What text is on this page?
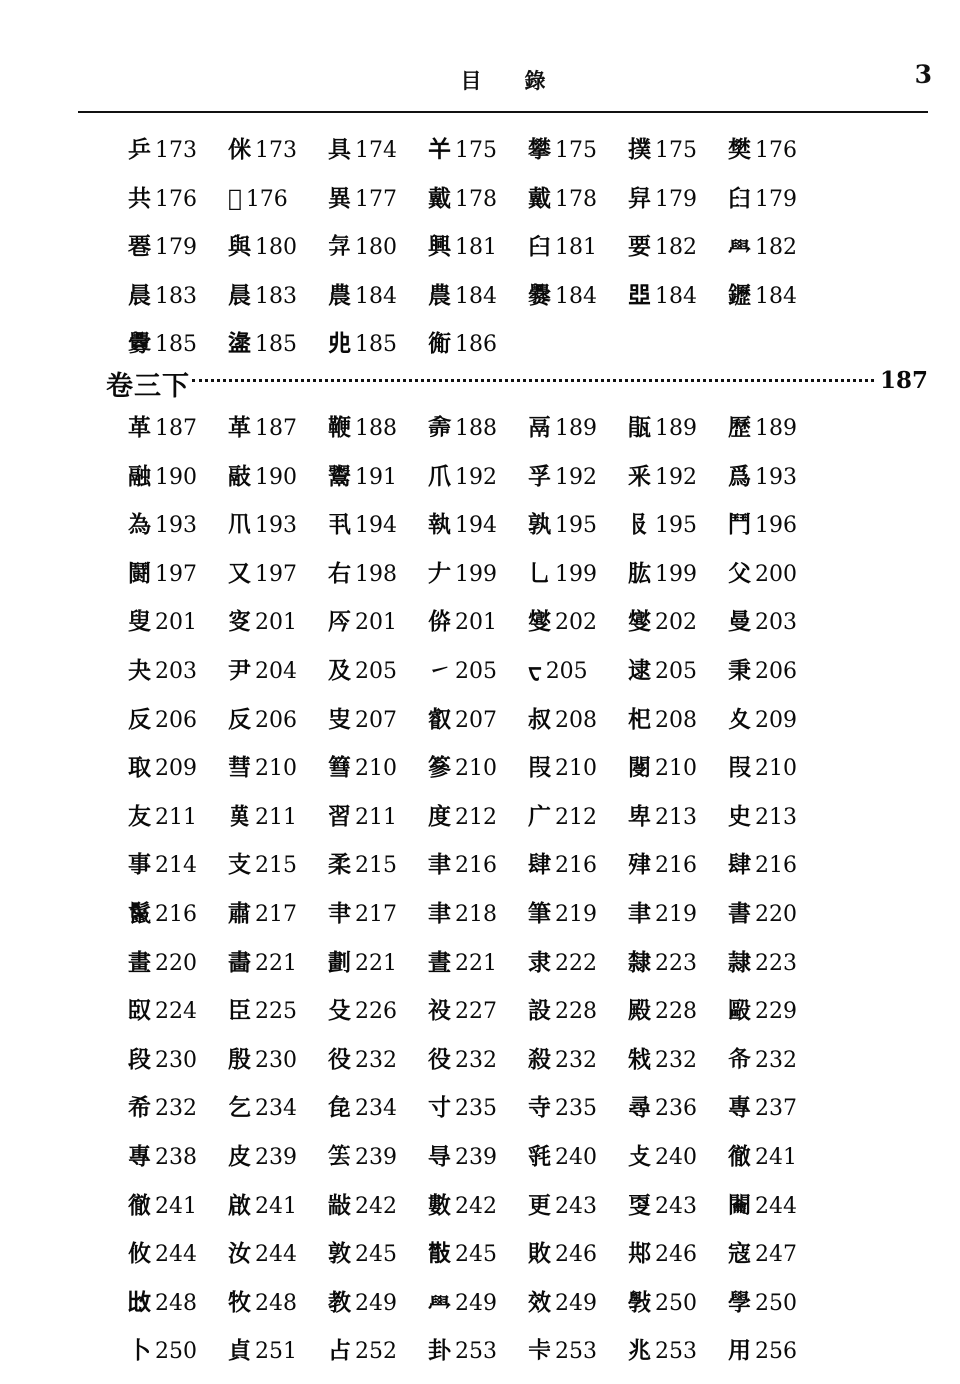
目　錄	3
乒 173	侎 173	具 174	𢆉 175	攀 175	撲 175	樊 176
共 176	𦦒 176	異 177	戴 178	戴 178	舁 179	𦥑 179
䙴 179	與 180	𢌱 180	興 181	臼 181	要 182	𦥯 182
晨 183	晨 183	農 184	農 184	爨 184	𠁁 184	䥶 184
釁 185	𥂖 185	𠑹 185	䚘 186
卷三下	187
革 187	革 187	鞭 188	𠓴 188	鬲 189	瓹 189	歷 189
融 190	䰙 190	鬻 191	爪 192	孚 192	釆 192	爲 193
為 193	𤓯 193	丮 194	執 194	孰 195	𠬝 195	鬥 196
鬪 197	又 197	右 198	𠂇 199	乚 199	肱 199	父 200
叟 201	叜 201	㕂 201	㑞 201	燮 202	燮 202	曼 203
夬 203	尹 204	及 205	㇀ 205	ᠸ 205	逮 205	秉 206
反 206	反 206	㕜 207	叡 207	叔 208	𣏌 208	夊 209
取 209	彗 210	篲 210	篸 210	叚 210	閿 210	叚 210
友 211	𦰩 211	習 211	度 212	广 212	卑 213	史 213
事 214	支 215	柔 215	聿 216	肆 216	肂 216	肆 216
鬣 216	肅 217	𦘒 217	聿 218	筆 219	聿 219	書 220
畫 220	畵 221	劃 221	晝 221	隶 222	隸 223	隷 223
臤 224	臣 225	殳 226	祋 227	設 228	殿 228	毆 229
段 230	殷 230	役 232	役 232	殺 232	㦵 232	𢁙 232
希 232	乞 234	㲋 234	寸 235	寺 235	尋 236	專 237
專 238	皮 239	𥬔 239	㝵 239	㲕 240	攴 240	徹 241
徹 241	啟 241	㪜 242	數 242	更 243	㪅 243	𨷲 244
攸 244	汝 244	敦 245	𢿨 245	敗 246	䢼 246	寇 247
𢻹 248	牧 248	教 249	𦥯 249	效 249	斅 250	學 250
卜 250	貞 251	占 252	卦 253	𠧗 253	兆 253	用 256
